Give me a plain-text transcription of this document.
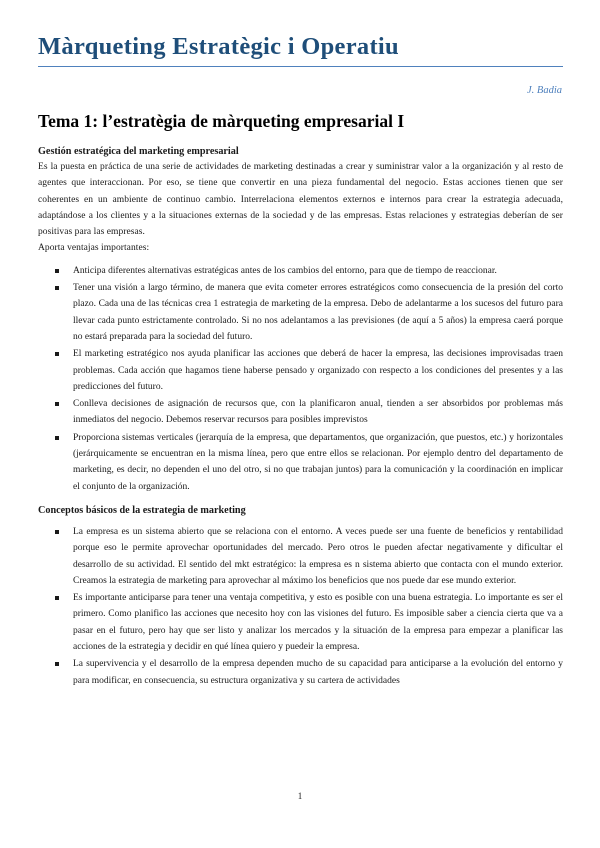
Màrqueting Estratègic i Operatiu
J. Badia
Tema 1: l’estratègia de màrqueting empresarial I
Gestión estratégica del marketing empresarial

Es la puesta en práctica de una serie de actividades de marketing destinadas a crear y suministrar valor a la organización y al resto de agentes que interaccionan. Por eso, se tiene que convertir en una pieza fundamental del negocio. Estas acciones tienen que ser coherentes en un ambiente de continuo cambio. Interrelaciona elementos externos e internos para crear la estrategia adecuada, adaptándose a los clientes y a la situaciones externas de la sociedad y de las empresas. Estas relaciones y estrategias deberían de ser positivas para las empresas.

Aporta ventajas importantes:

Anticipa diferentes alternativas estratégicas antes de los cambios del entorno, para que de tiempo de reaccionar.
Tener una visión a largo término, de manera que evita cometer errores estratégicos como consecuencia de la presión del corto plazo. Cada una de las técnicas crea 1 estrategia de marketing de la empresa. Debo de adelantarme a los sucesos del futuro para llevar cada punto estrictamente controlado. Si no nos adelantamos a las previsiones (de aquí a 5 años) la empresa caerá porque no estará preparada para la sociedad del futuro.
El marketing estratégico nos ayuda planificar las acciones que deberá de hacer la empresa, las decisiones improvisadas traen problemas. Cada acción que hagamos tiene haberse pensado y organizado con respecto a los condiciones del presentes y a las predicciones del futuro.
Conlleva decisiones de asignación de recursos que, con la planificaron anual, tienden a ser absorbidos por problemas más inmediatos del negocio. Debemos reservar recursos para posibles imprevistos
Proporciona sistemas verticales (jerarquía de la empresa, que departamentos, que organización, que puestos, etc.) y horizontales (jerárquicamente se encuentran en la misma línea, pero que entre ellos se relacionan. Por ejemplo dentro del departamento de marketing, es decir, no dependen el uno del otro, si no que trabajan juntos) para la comunicación y la coordinación en implicar el conjunto de la organización.
Conceptos básicos de la estrategia de marketing
La empresa es un sistema abierto que se relaciona con el entorno. A veces puede ser una fuente de beneficios y rentabilidad porque eso le permite aprovechar oportunidades del mercado. Pero otros le pueden afectar negativamente y dificultar el desarrollo de su actividad. El sentido del mkt estratégico: la empresa es n sistema abierto que contacta con el mundo exterior. Creamos la estrategia de marketing para aprovechar al máximo los beneficios que nos puede dar ese mundo exterior.
Es importante anticiparse para tener una ventaja competitiva, y esto es posible con una buena estrategia. Lo importante es ser el primero. Como planifico las acciones que necesito hoy con las visiones del futuro. Es imposible saber a ciencia cierta que va a pasar en el futuro, pero hay que ser listo y analizar los mercados y la situación de la empresa para empezar a planificar las acciones de la estrategia y decidir en qué línea quiero y puedeir la empresa.
La supervivencia y el desarrollo de la empresa dependen mucho de su capacidad para anticiparse a la evolución del entorno y para modificar, en consecuencia, su estructura organizativa y su cartera de actividades
1
